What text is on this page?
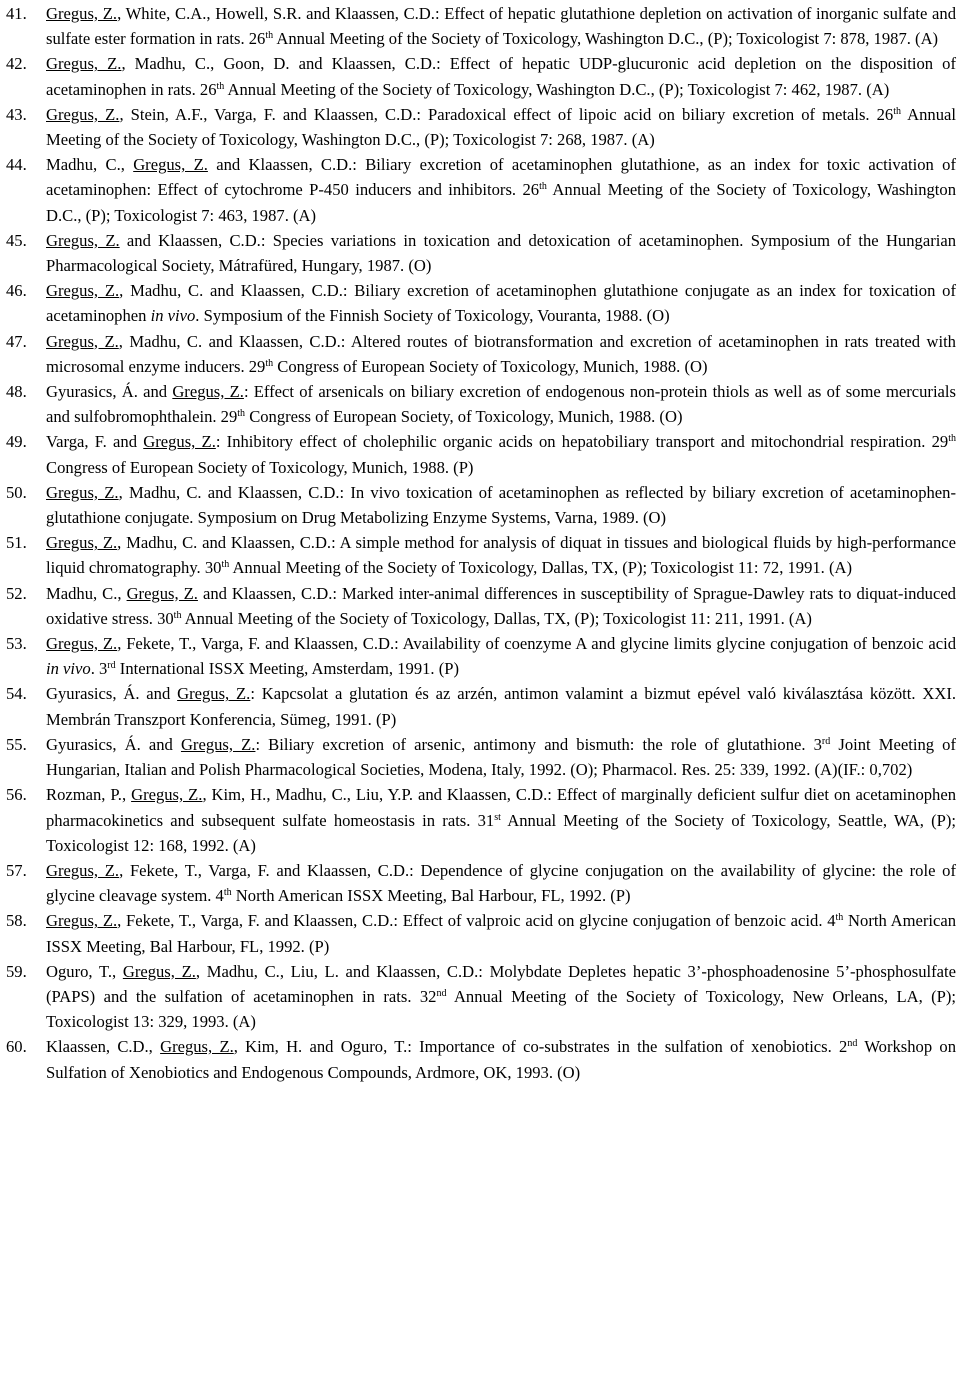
41.	Gregus, Z., White, C.A., Howell, S.R. and Klaassen, C.D.: Effect of hepatic glutathione depletion on activation of inorganic sulfate and sulfate ester formation in rats. 26th Annual Meeting of the Society of Toxicology, Washington D.C., (P); Toxicologist 7: 878, 1987. (A)
42.	Gregus, Z., Madhu, C., Goon, D. and Klaassen, C.D.: Effect of hepatic UDP-glucuronic acid depletion on the disposition of acetaminophen in rats. 26th Annual Meeting of the Society of Toxicology, Washington D.C., (P); Toxicologist 7: 462, 1987. (A)
43.	Gregus, Z., Stein, A.F., Varga, F. and Klaassen, C.D.: Paradoxical effect of lipoic acid on biliary excretion of metals. 26th Annual Meeting of the Society of Toxicology, Washington D.C., (P); Toxicologist 7: 268, 1987. (A)
44.	Madhu, C., Gregus, Z. and Klaassen, C.D.: Biliary excretion of acetaminophen glutathione, as an index for toxic activation of acetaminophen: Effect of cytochrome P-450 inducers and inhibitors. 26th Annual Meeting of the Society of Toxicology, Washington D.C., (P); Toxicologist 7: 463, 1987. (A)
45.	Gregus, Z. and Klaassen, C.D.: Species variations in toxication and detoxication of acetaminophen. Symposium of the Hungarian Pharmacological Society, Mátrafüred, Hungary, 1987. (O)
46.	Gregus, Z., Madhu, C. and Klaassen, C.D.: Biliary excretion of acetaminophen glutathione conjugate as an index for toxication of acetaminophen in vivo. Symposium of the Finnish Society of Toxicology, Vouranta, 1988. (O)
47.	Gregus, Z., Madhu, C. and Klaassen, C.D.: Altered routes of biotransformation and excretion of acetaminophen in rats treated with microsomal enzyme inducers. 29th Congress of European Society of Toxicology, Munich, 1988. (O)
48.	Gyurasics, Á. and Gregus, Z.: Effect of arsenicals on biliary excretion of endogenous non-protein thiols as well as of some mercurials and sulfobromophthalein. 29th Congress of European Society, of Toxicology, Munich, 1988. (O)
49.	Varga, F. and Gregus, Z.: Inhibitory effect of cholephilic organic acids on hepatobiliary transport and mitochondrial respiration. 29th Congress of European Society of Toxicology, Munich, 1988. (P)
50.	Gregus, Z., Madhu, C. and Klaassen, C.D.: In vivo toxication of acetaminophen as reflected by biliary excretion of acetaminophen-glutathione conjugate. Symposium on Drug Metabolizing Enzyme Systems, Varna, 1989. (O)
51.	Gregus, Z., Madhu, C. and Klaassen, C.D.: A simple method for analysis of diquat in tissues and biological fluids by high-performance liquid chromatography. 30th Annual Meeting of the Society of Toxicology, Dallas, TX, (P); Toxicologist 11: 72, 1991. (A)
52.	Madhu, C., Gregus, Z. and Klaassen, C.D.: Marked inter-animal differences in susceptibility of Sprague-Dawley rats to diquat-induced oxidative stress. 30th Annual Meeting of the Society of Toxicology, Dallas, TX, (P); Toxicologist 11: 211, 1991. (A)
53.	Gregus, Z., Fekete, T., Varga, F. and Klaassen, C.D.: Availability of coenzyme A and glycine limits glycine conjugation of benzoic acid in vivo. 3rd International ISSX Meeting, Amsterdam, 1991. (P)
54.	Gyurasics, Á. and Gregus, Z.: Kapcsolat a glutation és az arzén, antimon valamint a bizmut epével való kiválasztása között. XXI. Membrán Transzport Konferencia, Sümeg, 1991. (P)
55.	Gyurasics, Á. and Gregus, Z.: Biliary excretion of arsenic, antimony and bismuth: the role of glutathione. 3rd Joint Meeting of Hungarian, Italian and Polish Pharmacological Societies, Modena, Italy, 1992. (O); Pharmacol. Res. 25: 339, 1992. (A)(IF.: 0,702)
56.	Rozman, P., Gregus, Z., Kim, H., Madhu, C., Liu, Y.P. and Klaassen, C.D.: Effect of marginally deficient sulfur diet on acetaminophen pharmacokinetics and subsequent sulfate homeostasis in rats. 31st Annual Meeting of the Society of Toxicology, Seattle, WA, (P); Toxicologist 12: 168, 1992. (A)
57.	Gregus, Z., Fekete, T., Varga, F. and Klaassen, C.D.: Dependence of glycine conjugation on the availability of glycine: the role of glycine cleavage system. 4th North American ISSX Meeting, Bal Harbour, FL, 1992. (P)
58.	Gregus, Z., Fekete, T., Varga, F. and Klaassen, C.D.: Effect of valproic acid on glycine conjugation of benzoic acid. 4th North American ISSX Meeting, Bal Harbour, FL, 1992. (P)
59.	Oguro, T., Gregus, Z., Madhu, C., Liu, L. and Klaassen, C.D.: Molybdate Depletes hepatic 3’-phosphoadenosine 5’-phosphosulfate (PAPS) and the sulfation of acetaminophen in rats. 32nd Annual Meeting of the Society of Toxicology, New Orleans, LA, (P); Toxicologist 13: 329, 1993. (A)
60.	Klaassen, C.D., Gregus, Z., Kim, H. and Oguro, T.: Importance of co-substrates in the sulfation of xenobiotics. 2nd Workshop on Sulfation of Xenobiotics and Endogenous Compounds, Ardmore, OK, 1993. (O)
